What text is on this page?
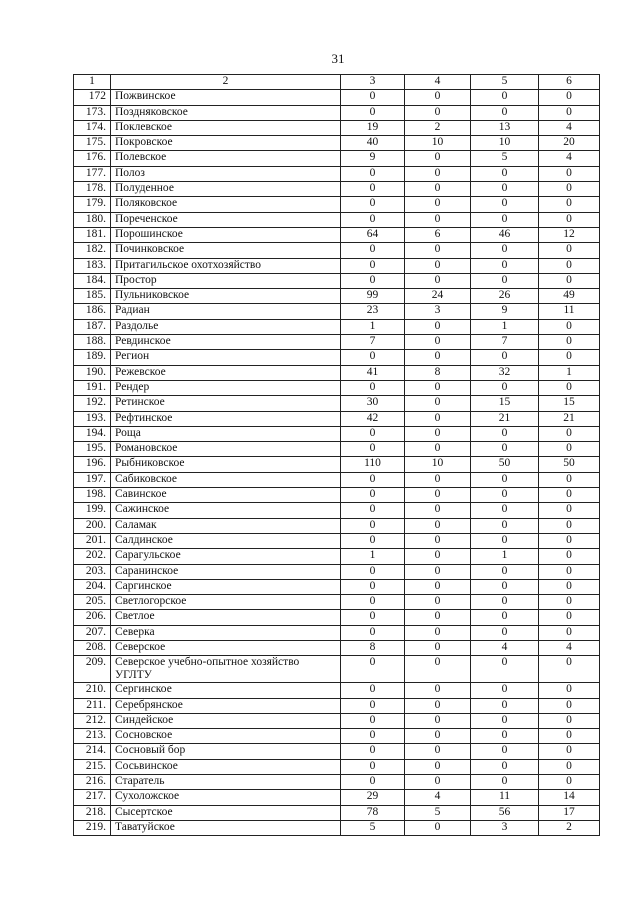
31
1	2	3	4	5	6
172	Пожвинское	0	0	0	0
173.	Поздняковское	0	0	0	0
174.	Поклевское	19	2	13	4
175.	Покровское	40	10	10	20
176.	Полевское	9	0	5	4
177.	Полоз	0	0	0	0
178.	Полуденное	0	0	0	0
179.	Поляковское	0	0	0	0
180.	Пореченское	0	0	0	0
181.	Порошинское	64	6	46	12
182.	Починковское	0	0	0	0
183.	Притагильское охотхозяйство	0	0	0	0
184.	Простор	0	0	0	0
185.	Пульниковское	99	24	26	49
186.	Радиан	23	3	9	11
187.	Раздолье	1	0	1	0
188.	Ревдинское	7	0	7	0
189.	Регион	0	0	0	0
190.	Режевское	41	8	32	1
191.	Рендер	0	0	0	0
192.	Ретинское	30	0	15	15
193.	Рефтинское	42	0	21	21
194.	Роща	0	0	0	0
195.	Романовское	0	0	0	0
196.	Рыбниковское	110	10	50	50
197.	Сабиковское	0	0	0	0
198.	Савинское	0	0	0	0
199.	Сажинское	0	0	0	0
200.	Саламак	0	0	0	0
201.	Салдинское	0	0	0	0
202.	Сарагульское	1	0	1	0
203.	Саранинское	0	0	0	0
204.	Саргинское	0	0	0	0
205.	Светлогорское	0	0	0	0
206.	Светлое	0	0	0	0
207.	Северка	0	0	0	0
208.	Северское	8	0	4	4
209.	Северское учебно-опытное хозяйство УГЛТУ	0	0	0	0
210.	Сергинское	0	0	0	0
211.	Серебрянское	0	0	0	0
212.	Синдейское	0	0	0	0
213.	Сосновское	0	0	0	0
214.	Сосновый бор	0	0	0	0
215.	Сосьвинское	0	0	0	0
216.	Старатель	0	0	0	0
217.	Сухоложское	29	4	11	14
218.	Сысертское	78	5	56	17
219.	Таватуйское	5	0	3	2
